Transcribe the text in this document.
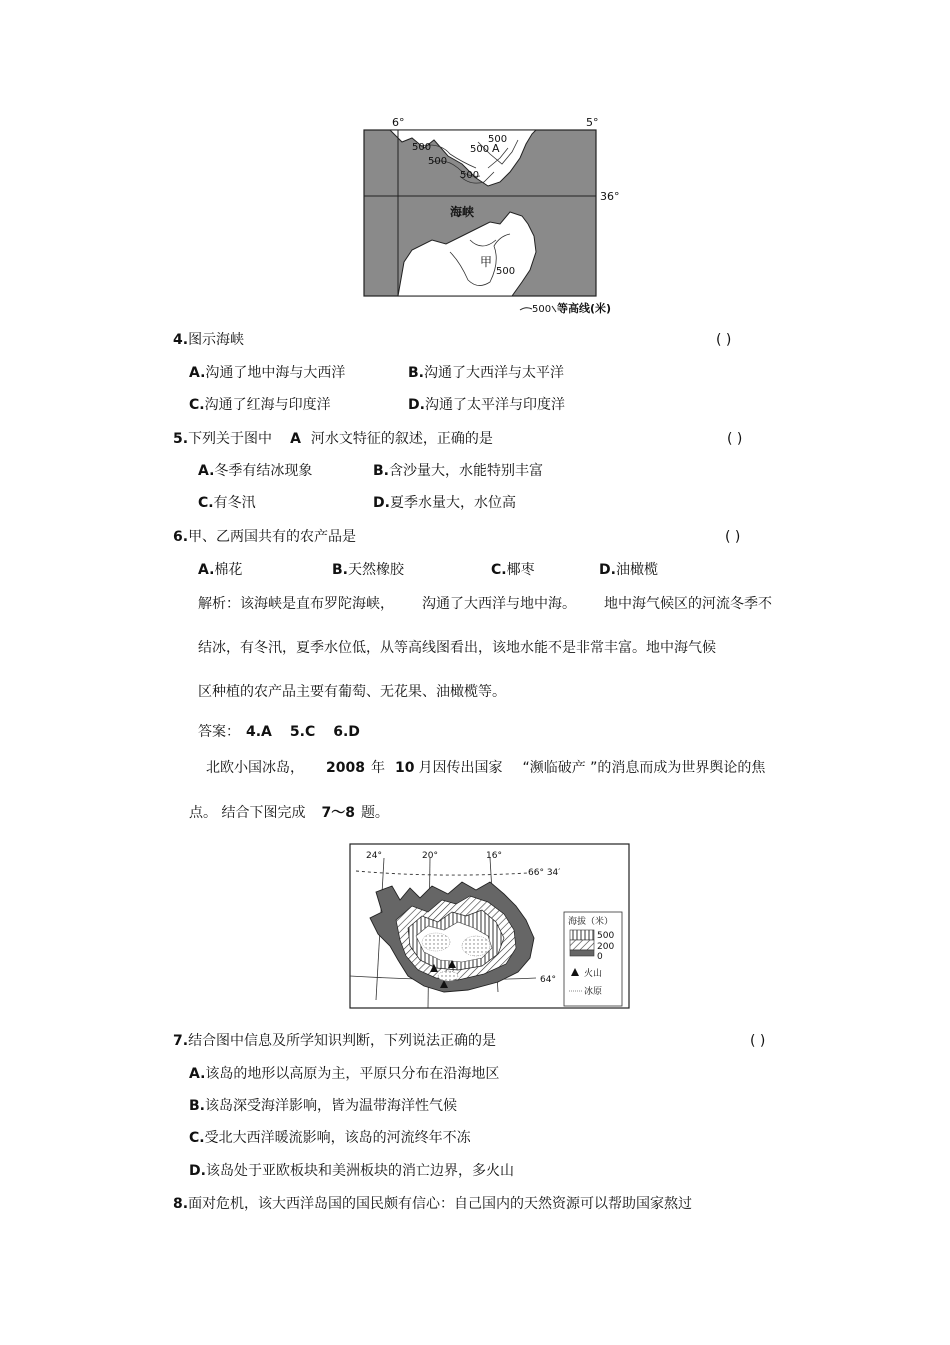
6°	5°
36°
海峡
A
甲
500
500
500
500
500
500
500 等高线(米)
4.图示海峡	( )
A.沟通了地中海与大西洋	B.沟通了大西洋与太平洋
C.沟通了红海与印度洋	D.沟通了太平洋与印度洋
5.下列关于图中 A 河水文特征的叙述，正确的是	( )
A.冬季有结冰现象	B.含沙量大，水能特别丰富
C.有冬汛	D.夏季水量大，水位高
6.甲、乙两国共有的农产品是	( )
A.棉花	B.天然橡胶	C.椰枣	D.油橄榄
解析：该海峡是直布罗陀海峡， 沟通了大西洋与地中海。 地中海气候区的河流冬季不
结冰，有冬汛，夏季水位低，从等高线图看出，该地水能不是非常丰富。地中海气候
区种植的农产品主要有葡萄、无花果、油橄榄等。
答案： 4.A 5.C 6.D
北欧小国冰岛， 2008 年 10 月因传出国家 “濒临破产 ”的消息而成为世界舆论的焦
点。 结合下图完成 7～8 题。
24°	20°	16°
66° 34′
64°
海拔（米）
500
200
0
火山
冰原
7.结合图中信息及所学知识判断，下列说法正确的是	( )
A.该岛的地形以高原为主，平原只分布在沿海地区
B.该岛深受海洋影响，皆为温带海洋性气候
C.受北大西洋暖流影响，该岛的河流终年不冻
D.该岛处于亚欧板块和美洲板块的消亡边界，多火山
8.面对危机，该大西洋岛国的国民颇有信心：自己国内的天然资源可以帮助国家熬过
